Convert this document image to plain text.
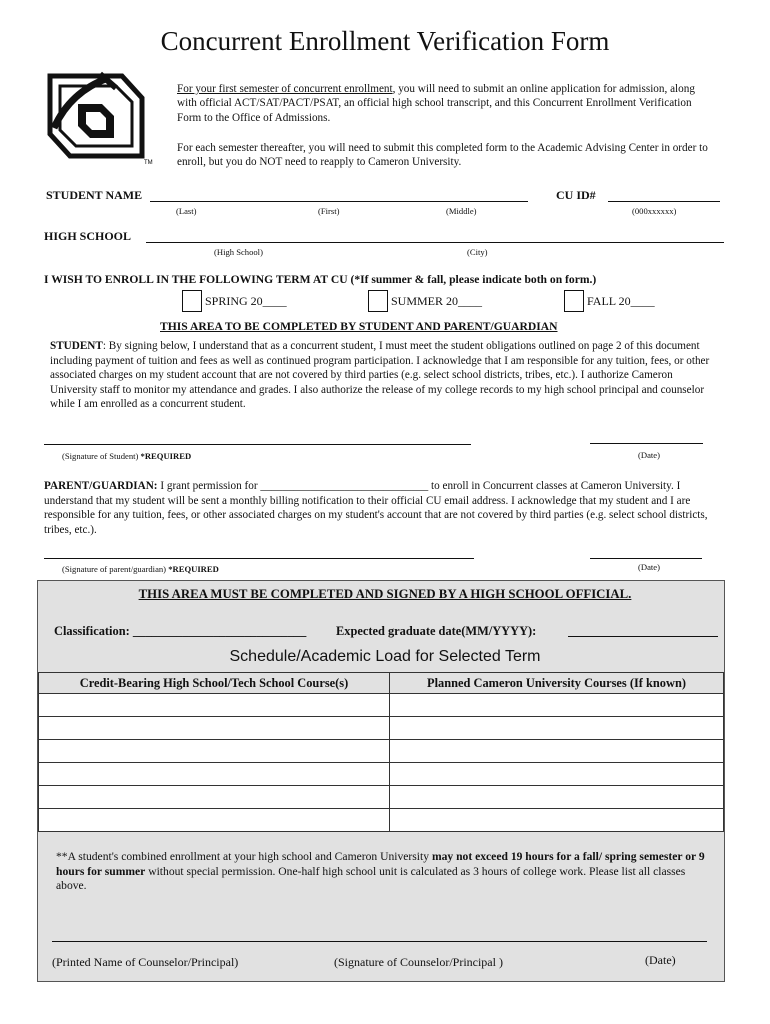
Concurrent Enrollment Verification Form
TM
For your first semester of concurrent enrollment, you will need to submit an online application for admission, along with official ACT/SAT/PACT/PSAT, an official high school transcript, and this Concurrent Enrollment Verification Form to the Office of Admissions.
For each semester thereafter, you will need to submit this completed form to the Academic Advising Center in order to enroll, but you do NOT need to reapply to Cameron University.
STUDENT NAME
(Last)	(First)	(Middle)
CU ID#
(000xxxxxx)
HIGH SCHOOL
(High School)	(City)
I WISH TO ENROLL IN THE FOLLOWING TERM AT CU (*If summer & fall, please indicate both on form.)
SPRING 20____	SUMMER 20____	FALL 20____
THIS AREA TO BE COMPLETED BY STUDENT AND PARENT/GUARDIAN
STUDENT: By signing below, I understand that as a concurrent student, I must meet the student obligations outlined on page 2 of this document including payment of tuition and fees as well as continued program participation. I acknowledge that I am responsible for any tuition, fees, or other associated charges on my student account that are not covered by third parties (e.g. select school districts, tribes, etc.). I authorize Cameron University staff to monitor my attendance and grades. I also authorize the release of my college records to my high school principal and counselor while I am enrolled as a concurrent student.
(Signature of Student) *REQUIRED	(Date)
PARENT/GUARDIAN: I grant permission for ______________________________ to enroll in Concurrent classes at Cameron University. I understand that my student will be sent a monthly billing notification to their official CU email address. I acknowledge that my student and I are responsible for any tuition, fees, or other associated charges on my student's account that are not covered by third parties (e.g. select school districts, tribes, etc.).
(Signature of parent/guardian) *REQUIRED	(Date)
THIS AREA MUST BE COMPLETED AND SIGNED BY A HIGH SCHOOL OFFICIAL.
Classification: ____________________________ Expected graduate date(MM/YYYY):
Schedule/Academic Load for Selected Term
Credit-Bearing High School/Tech School Course(s)	Planned Cameron University Courses (If known)

**A student's combined enrollment at your high school and Cameron University may not exceed 19 hours for a fall/ spring semester or 9 hours for summer without special permission. One-half high school unit is calculated as 3 hours of college work. Please list all classes above.
(Printed Name of Counselor/Principal)	(Signature of Counselor/Principal )	(Date)
